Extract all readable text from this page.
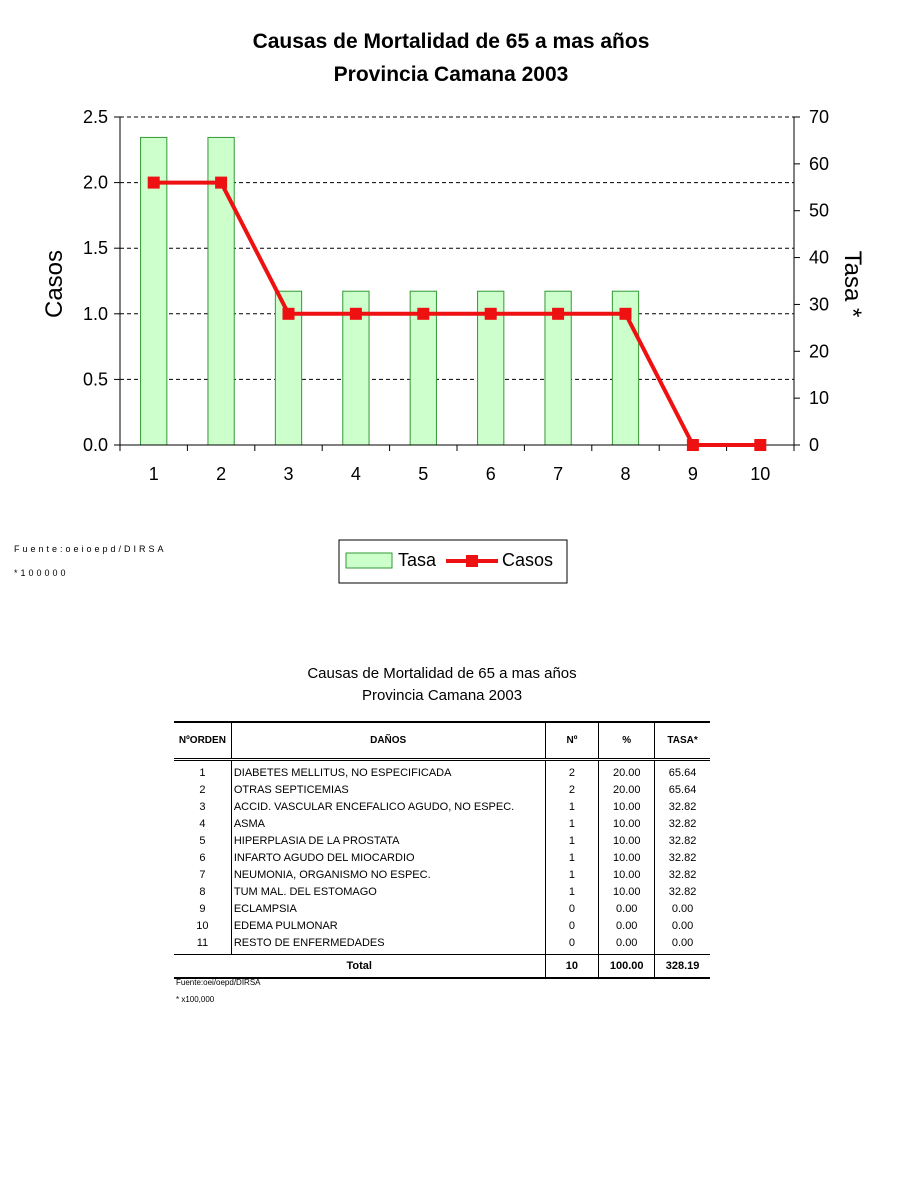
Causas de Mortalidad de 65 a mas años
Provincia Camana 2003
0.0
0.5
1.0
1.5
2.0
2.5
0
10
20
30
40
50
60
70
1	2	3	4	5	6	7	8	9	10
Casos	Tasa *
Tasa	Casos
Fuente:oeioepd/DIRSA
*100000
Causas de Mortalidad de 65 a mas años
Provincia Camana 2003
NºORDEN	DAÑOS	Nº	%	TASA*
1	DIABETES MELLITUS, NO ESPECIFICADA	2	20.00	65.64
2	OTRAS SEPTICEMIAS	2	20.00	65.64
3	ACCID. VASCULAR ENCEFALICO AGUDO, NO ESPEC.	1	10.00	32.82
4	ASMA	1	10.00	32.82
5	HIPERPLASIA DE LA PROSTATA	1	10.00	32.82
6	INFARTO AGUDO DEL MIOCARDIO	1	10.00	32.82
7	NEUMONIA, ORGANISMO NO ESPEC.	1	10.00	32.82
8	TUM MAL. DEL ESTOMAGO	1	10.00	32.82
9	ECLAMPSIA	0	0.00	0.00
10	EDEMA PULMONAR	0	0.00	0.00
11	RESTO DE ENFERMEDADES	0	0.00	0.00
Total		10	100.00	328.19
Fuente:oei/oepd/DIRSA
* x100,000
